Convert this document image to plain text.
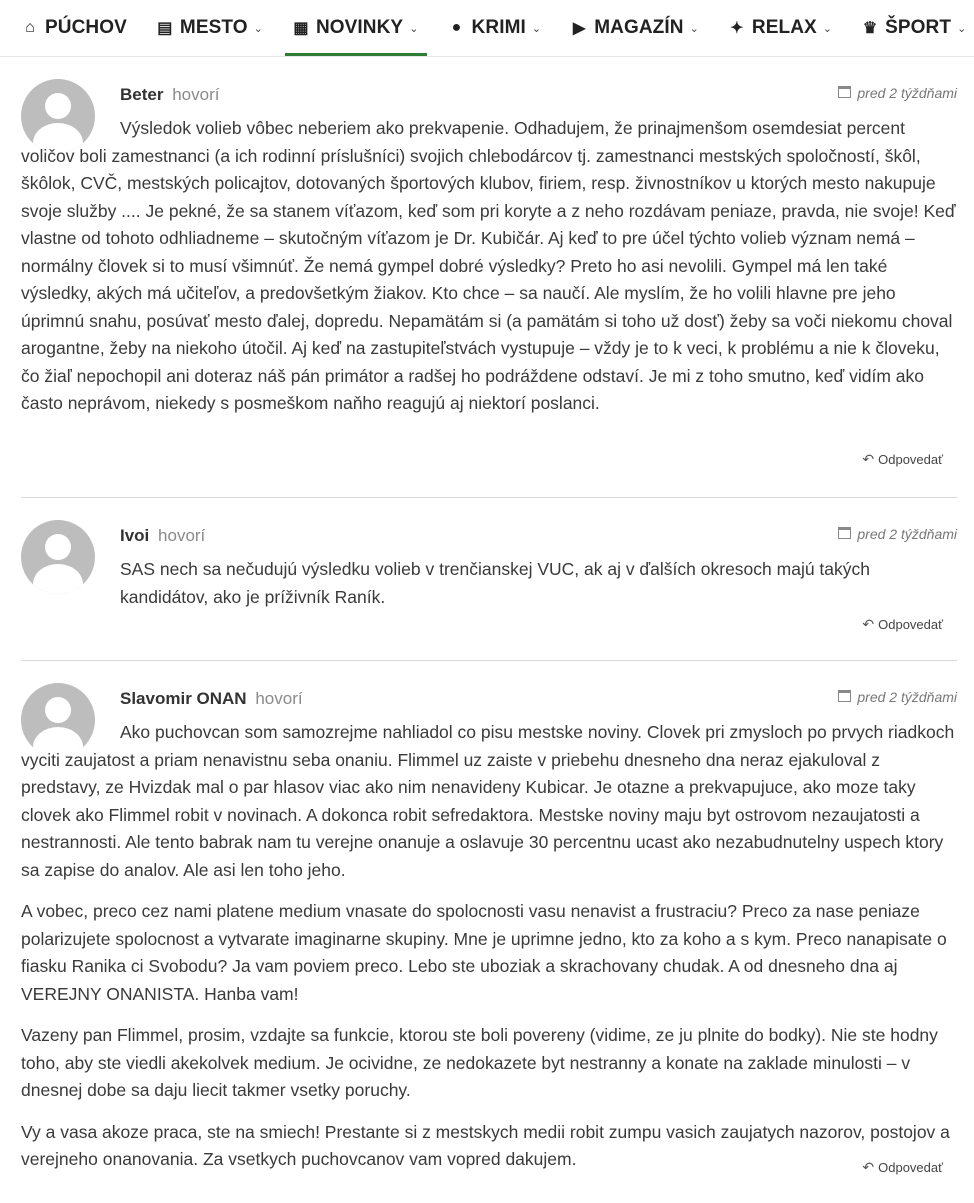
⌂ PÚCHOV ▤ MESTO ⌄ ▦ NOVINKY ⌄ ● KRIMI ⌄ ▶ MAGAZÍN ⌄ ✦ RELAX ⌄ ♛ ŠPORT ⌄
Beter hovorí	pred 2 týždňami

Výsledok volieb vôbec neberiem ako prekvapenie. Odhadujem, že prinajmenšom osemdesiat percent voličov boli zamestnanci (a ich rodinní príslušníci) svojich chlebodárcov tj. zamestnanci mestských spoločností, škôl, škôlok, CVČ, mestských policajtov, dotovaných športových klubov, firiem, resp. živnostníkov u ktorých mesto nakupuje svoje služby .... Je pekné, že sa stanem víťazom, keď som pri koryte a z neho rozdávam peniaze, pravda, nie svoje! Keď vlastne od tohoto odhliadneme – skutočným víťazom je Dr. Kubičár. Aj keď to pre účel týchto volieb význam nemá – normálny človek si to musí všimnúť. Že nemá gympel dobré výsledky? Preto ho asi nevolili. Gympel má len také výsledky, akých má učiteľov, a predovšetkým žiakov. Kto chce – sa naučí. Ale myslím, že ho volili hlavne pre jeho úprimnú snahu, posúvať mesto ďalej, dopredu. Nepamätám si (a pamätám si toho už dosť) žeby sa voči niekomu choval arogantne, žeby na niekoho útočil. Aj keď na zastupiteľstvách vystupuje – vždy je to k veci, k problému a nie k človeku, čo žiaľ nepochopil ani doteraz náš pán primátor a radšej ho podráždene odstaví. Je mi z toho smutno, keď vidím ako často neprávom, niekedy s posmeškom naňho reagujú aj niektorí poslanci.

↶ Odpovedať
Ivoi hovorí	pred 2 týždňami

SAS nech sa nečudujú výsledku volieb v trenčianskej VUC, ak aj v ďalších okresoch majú takých kandidátov, ako je príživník Raník.

↶ Odpovedať
Slavomir ONAN hovorí	pred 2 týždňami

Ako puchovcan som samozrejme nahliadol co pisu mestske noviny. Clovek pri zmysloch po prvych riadkoch vyciti zaujatost a priam nenavistnu seba onaniu. Flimmel uz zaiste v priebehu dnesneho dna neraz ejakuloval z predstavy, ze Hvizdak mal o par hlasov viac ako nim nenavideny Kubicar. Je otazne a prekvapujuce, ako moze taky clovek ako Flimmel robit v novinach. A dokonca robit sefredaktora. Mestske noviny maju byt ostrovom nezaujatosti a nestrannosti. Ale tento babrak nam tu verejne onanuje a oslavuje 30 percentnu ucast ako nezabudnutelny uspech ktory sa zapise do analov. Ale asi len toho jeho.

A vobec, preco cez nami platene medium vnasate do spolocnosti vasu nenavist a frustraciu? Preco za nase peniaze polarizujete spolocnost a vytvarate imaginarne skupiny. Mne je uprimne jedno, kto za koho a s kym. Preco nanapisate o fiasku Ranika ci Svobodu? Ja vam poviem preco. Lebo ste uboziak a skrachovany chudak. A od dnesneho dna aj VEREJNY ONANISTA. Hanba vam!

Vazeny pan Flimmel, prosim, vzdajte sa funkcie, ktorou ste boli povereny (vidime, ze ju plnite do bodky). Nie ste hodny toho, aby ste viedli akekolvek medium. Je ocividne, ze nedokazete byt nestranny a konate na zaklade minulosti – v dnesnej dobe sa daju liecit takmer vsetky poruchy.

Vy a vasa akoze praca, ste na smiech! Prestante si z mestskych medii robit zumpu vasich zaujatych nazorov, postojov a verejneho onanovania. Za vsetkych puchovcanov vam vopred dakujem.	↶ Odpovedať
